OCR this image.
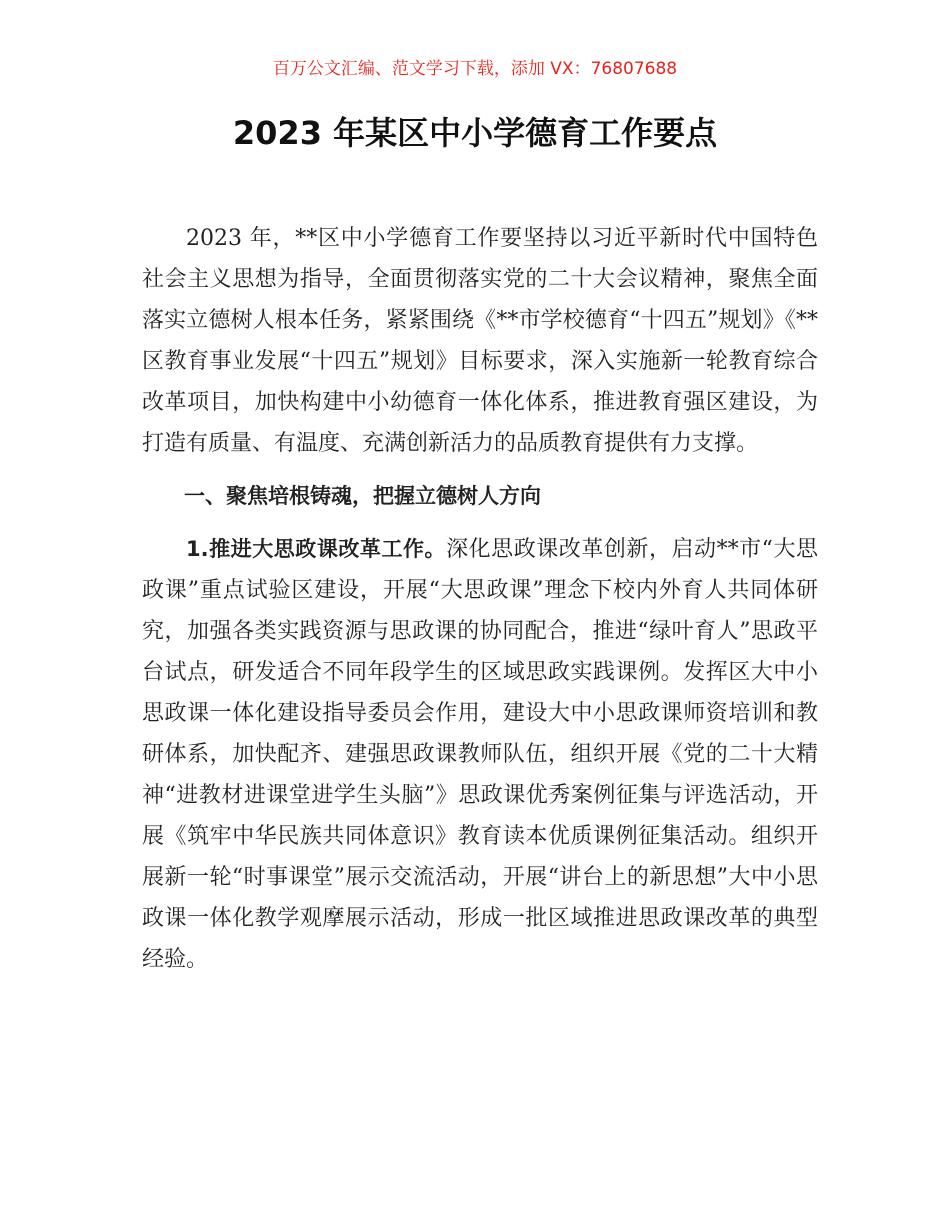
百万公文汇编、范文学习下载，添加 VX：76807688
2023 年某区中小学德育工作要点

2023 年，**区中小学德育工作要坚持以习近平新时代中国特色社会主义思想为指导，全面贯彻落实党的二十大会议精神，聚焦全面落实立德树人根本任务，紧紧围绕《**市学校德育“十四五”规划》《**区教育事业发展“十四五”规划》目标要求，深入实施新一轮教育综合改革项目，加快构建中小幼德育一体化体系，推进教育强区建设，为打造有质量、有温度、充满创新活力的品质教育提供有力支撑。

一、聚焦培根铸魂，把握立德树人方向

1.推进大思政课改革工作。深化思政课改革创新，启动**市“大思政课”重点试验区建设，开展“大思政课”理念下校内外育人共同体研究，加强各类实践资源与思政课的协同配合，推进“绿叶育人”思政平台试点，研发适合不同年段学生的区域思政实践课例。发挥区大中小思政课一体化建设指导委员会作用，建设大中小思政课师资培训和教研体系，加快配齐、建强思政课教师队伍，组织开展《党的二十大精神“进教材进课堂进学生头脑”》思政课优秀案例征集与评选活动，开展《筑牢中华民族共同体意识》教育读本优质课例征集活动。组织开展新一轮“时事课堂”展示交流活动，开展“讲台上的新思想”大中小思政课一体化教学观摩展示活动，形成一批区域推进思政课改革的典型经验。
